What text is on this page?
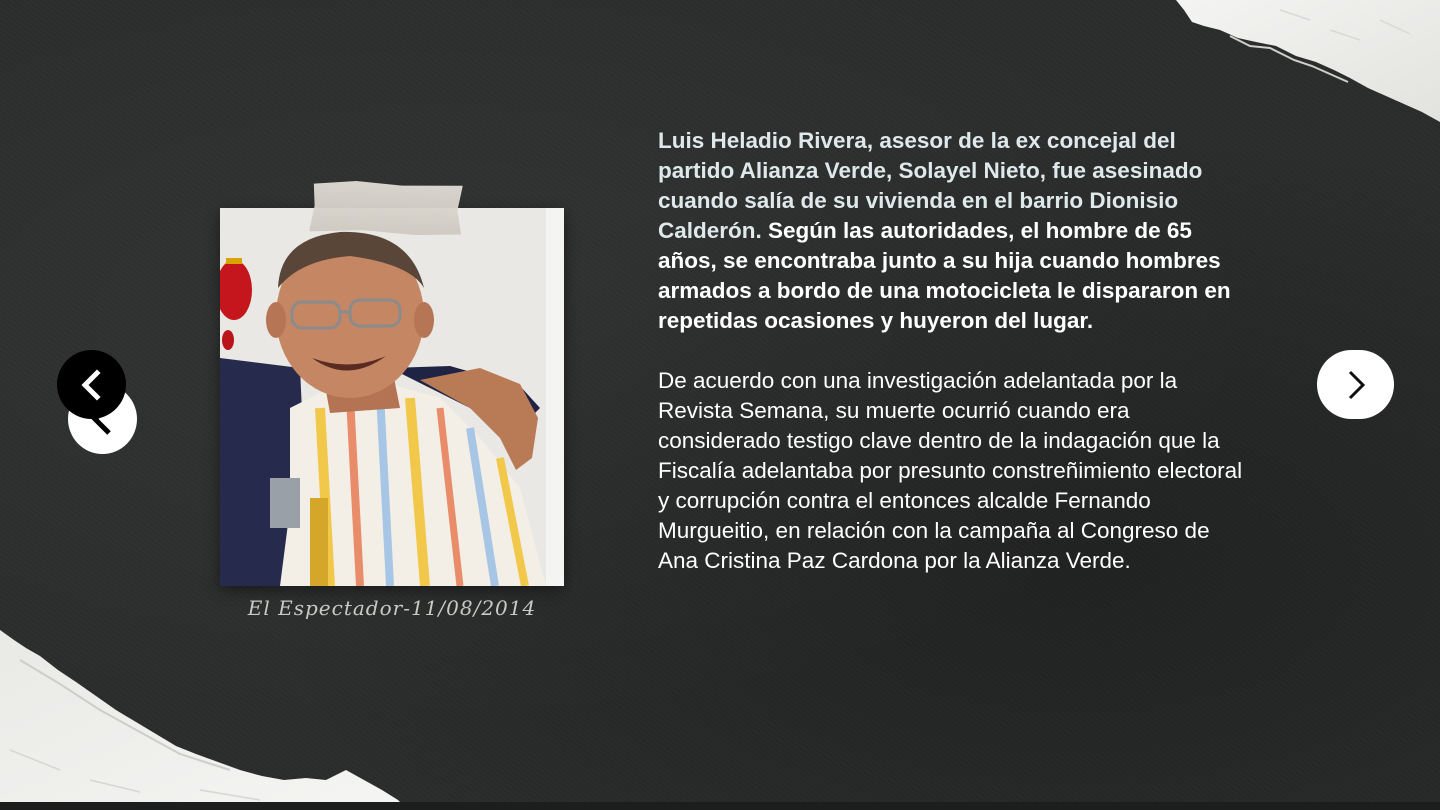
El Espectador-11/08/2014

Luis Heladio Rivera, asesor de la ex concejal del partido Alianza Verde, Solayel Nieto, fue asesinado cuando salía de su vivienda en el barrio Dionisio Calderón. Según las autoridades, el hombre de 65 años, se encontraba junto a su hija cuando hombres armados a bordo de una motocicleta le dispararon en repetidas ocasiones y huyeron del lugar.

De acuerdo con una investigación adelantada por la Revista Semana, su muerte ocurrió cuando era considerado testigo clave dentro de la indagación que la Fiscalía adelantaba por presunto constreñimiento electoral y corrupción contra el entonces alcalde Fernando Murgueitio, en relación con la campaña al Congreso de Ana Cristina Paz Cardona por la Alianza Verde.
